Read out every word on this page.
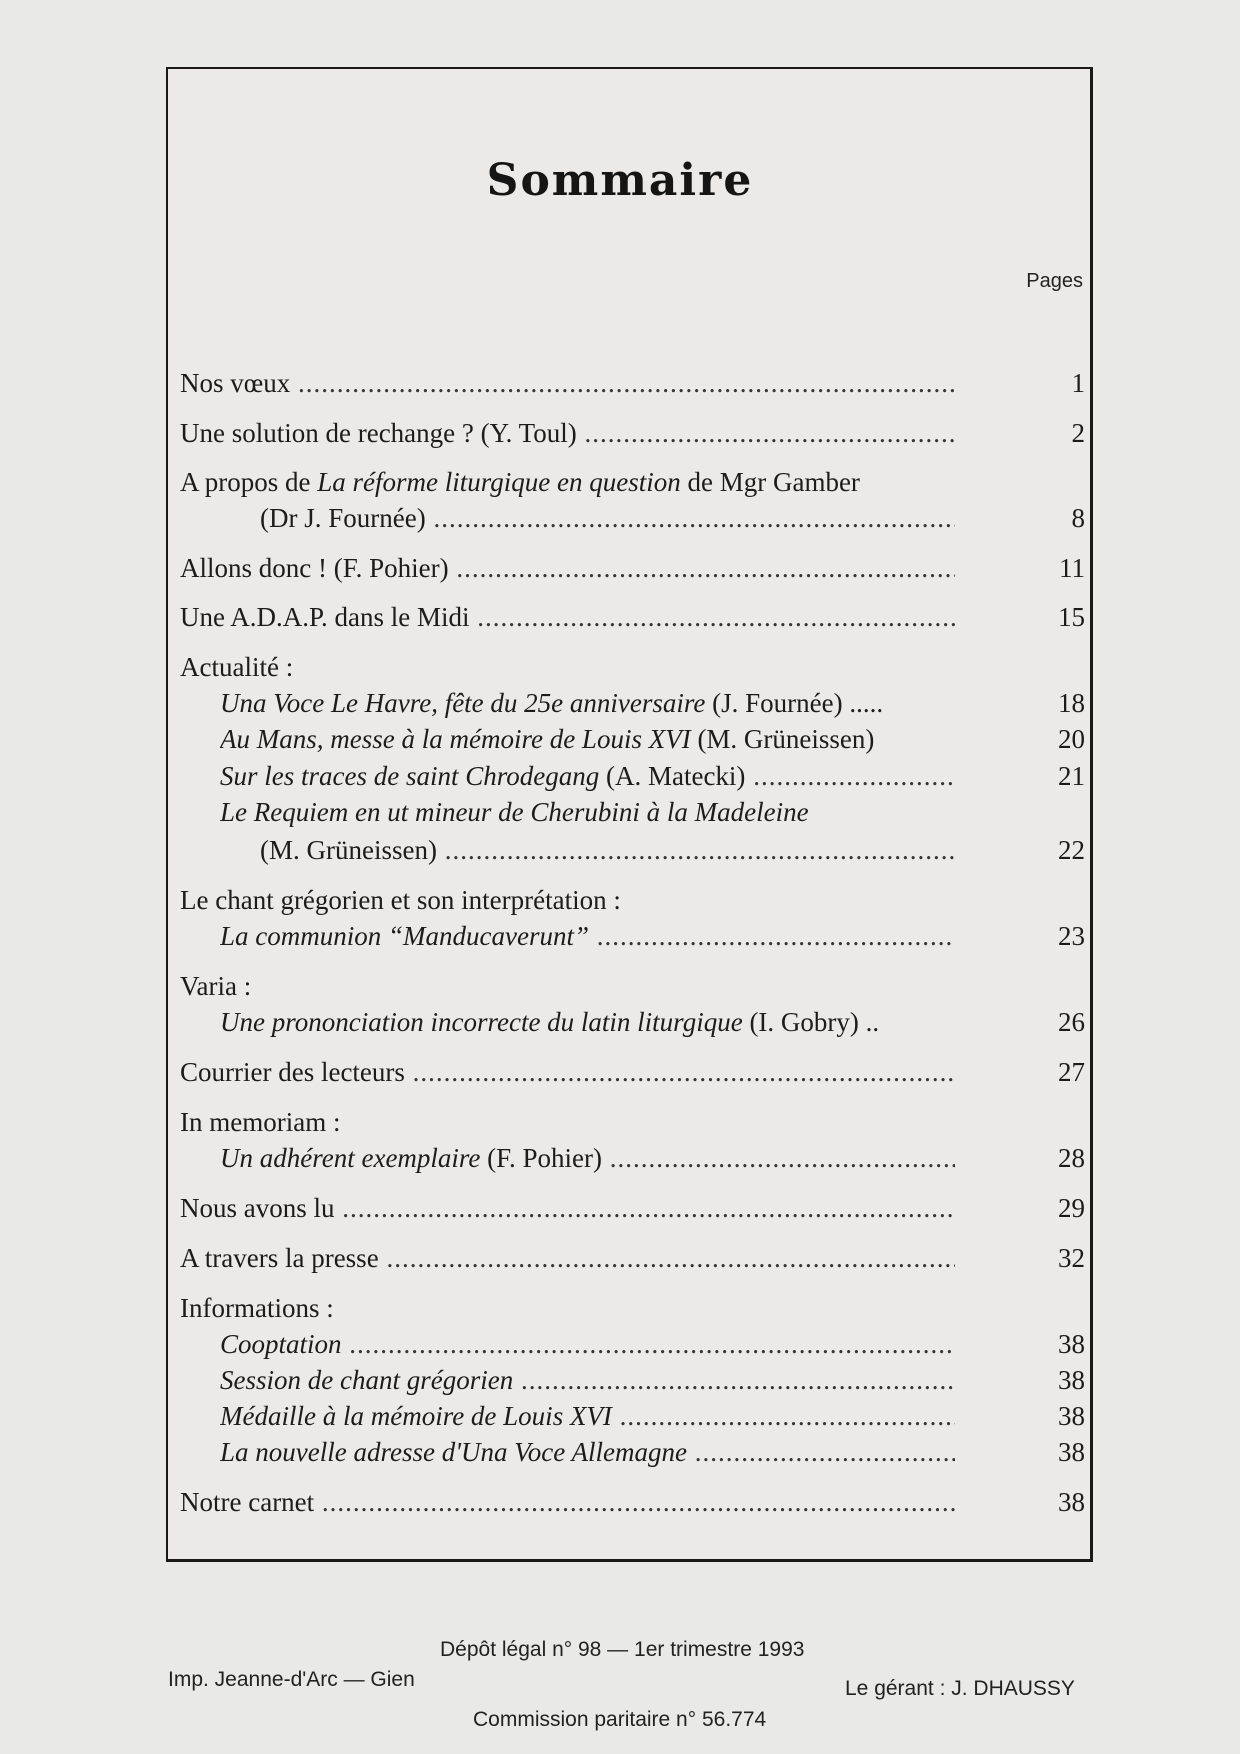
Sommaire
Pages
Nos vœux .....	1
Une solution de rechange ? (Y. Toul) .....	2
A propos de La réforme liturgique en question de Mgr Gamber
(Dr J. Fournée) .....	8
Allons donc ! (F. Pohier) .....	11
Une A.D.A.P. dans le Midi .....	15
Actualité :
Una Voce Le Havre, fête du 25e anniversaire (J. Fournée) .....	18
Au Mans, messe à la mémoire de Louis XVI (M. Grüneissen)	20
Sur les traces de saint Chrodegang (A. Matecki) .....	21
Le Requiem en ut mineur de Cherubini à la Madeleine
(M. Grüneissen) .....	22
Le chant grégorien et son interprétation :
La communion “Manducaverunt” .....	23
Varia :
Une prononciation incorrecte du latin liturgique (I. Gobry) ..	26
Courrier des lecteurs .....	27
In memoriam :
Un adhérent exemplaire (F. Pohier) .....	28
Nous avons lu .....	29
A travers la presse .....	32
Informations :
Cooptation .....	38
Session de chant grégorien .....	38
Médaille à la mémoire de Louis XVI .....	38
La nouvelle adresse d'Una Voce Allemagne .....	38
Notre carnet .....	38
Dépôt légal n° 98 — 1er trimestre 1993
Imp. Jeanne-d'Arc — Gien	Le gérant : J. DHAUSSY
Commission paritaire n° 56.774
